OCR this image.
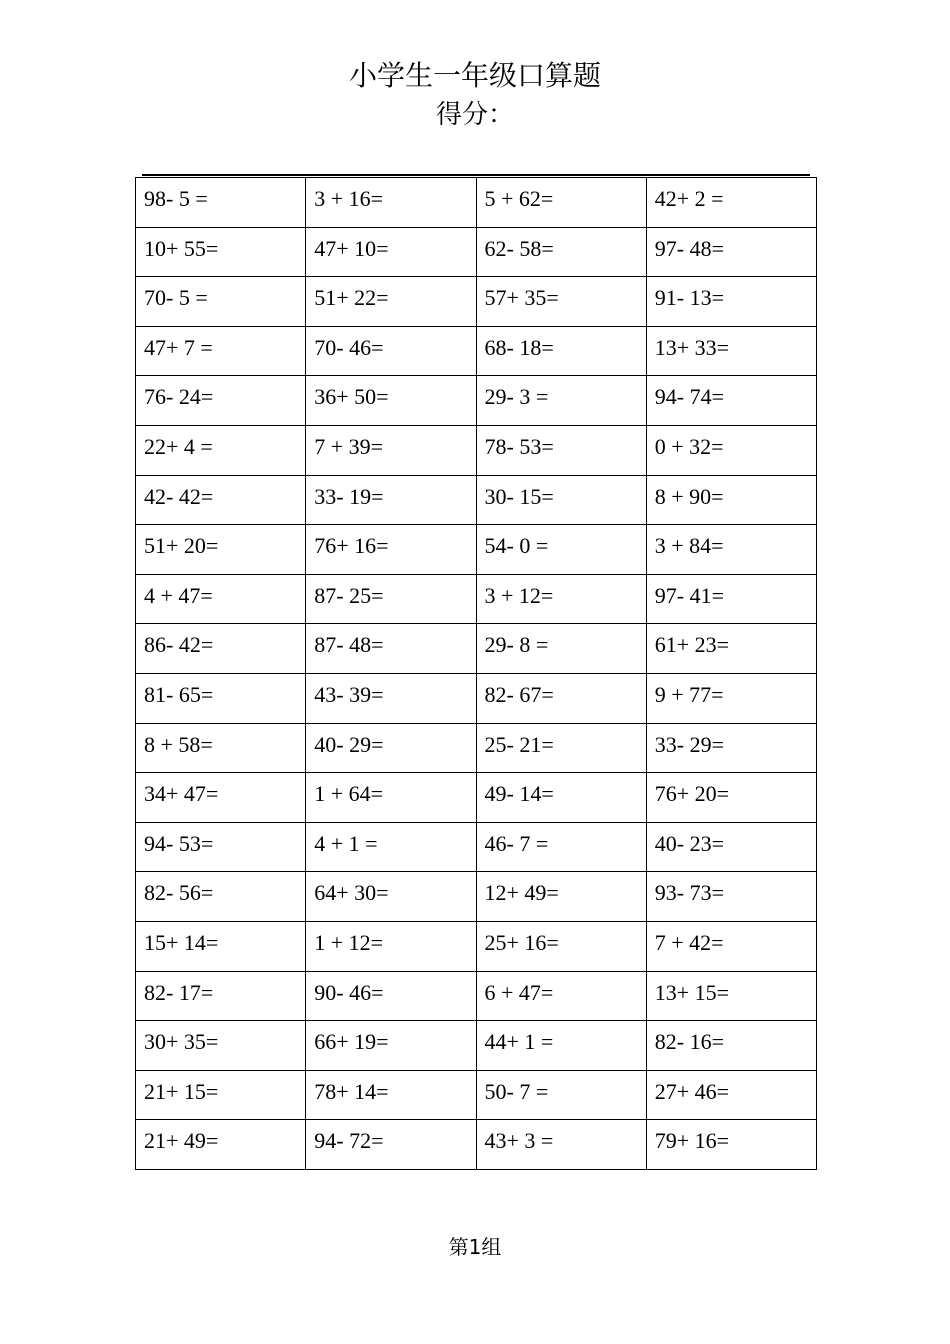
小学生一年级口算题
得分：
98- 5 =	3 + 16=	5 + 62=	42+ 2 =
10+ 55=	47+ 10=	62- 58=	97- 48=
70- 5 =	51+ 22=	57+ 35=	91- 13=
47+ 7 =	70- 46=	68- 18=	13+ 33=
76- 24=	36+ 50=	29- 3 =	94- 74=
22+ 4 =	7 + 39=	78- 53=	0 + 32=
42- 42=	33- 19=	30- 15=	8 + 90=
51+ 20=	76+ 16=	54- 0 =	3 + 84=
4 + 47=	87- 25=	3 + 12=	97- 41=
86- 42=	87- 48=	29- 8 =	61+ 23=
81- 65=	43- 39=	82- 67=	9 + 77=
8 + 58=	40- 29=	25- 21=	33- 29=
34+ 47=	1 + 64=	49- 14=	76+ 20=
94- 53=	4 + 1 =	46- 7 =	40- 23=
82- 56=	64+ 30=	12+ 49=	93- 73=
15+ 14=	1 + 12=	25+ 16=	7 + 42=
82- 17=	90- 46=	6 + 47=	13+ 15=
30+ 35=	66+ 19=	44+ 1 =	82- 16=
21+ 15=	78+ 14=	50- 7 =	27+ 46=
21+ 49=	94- 72=	43+ 3 =	79+ 16=
第1组
